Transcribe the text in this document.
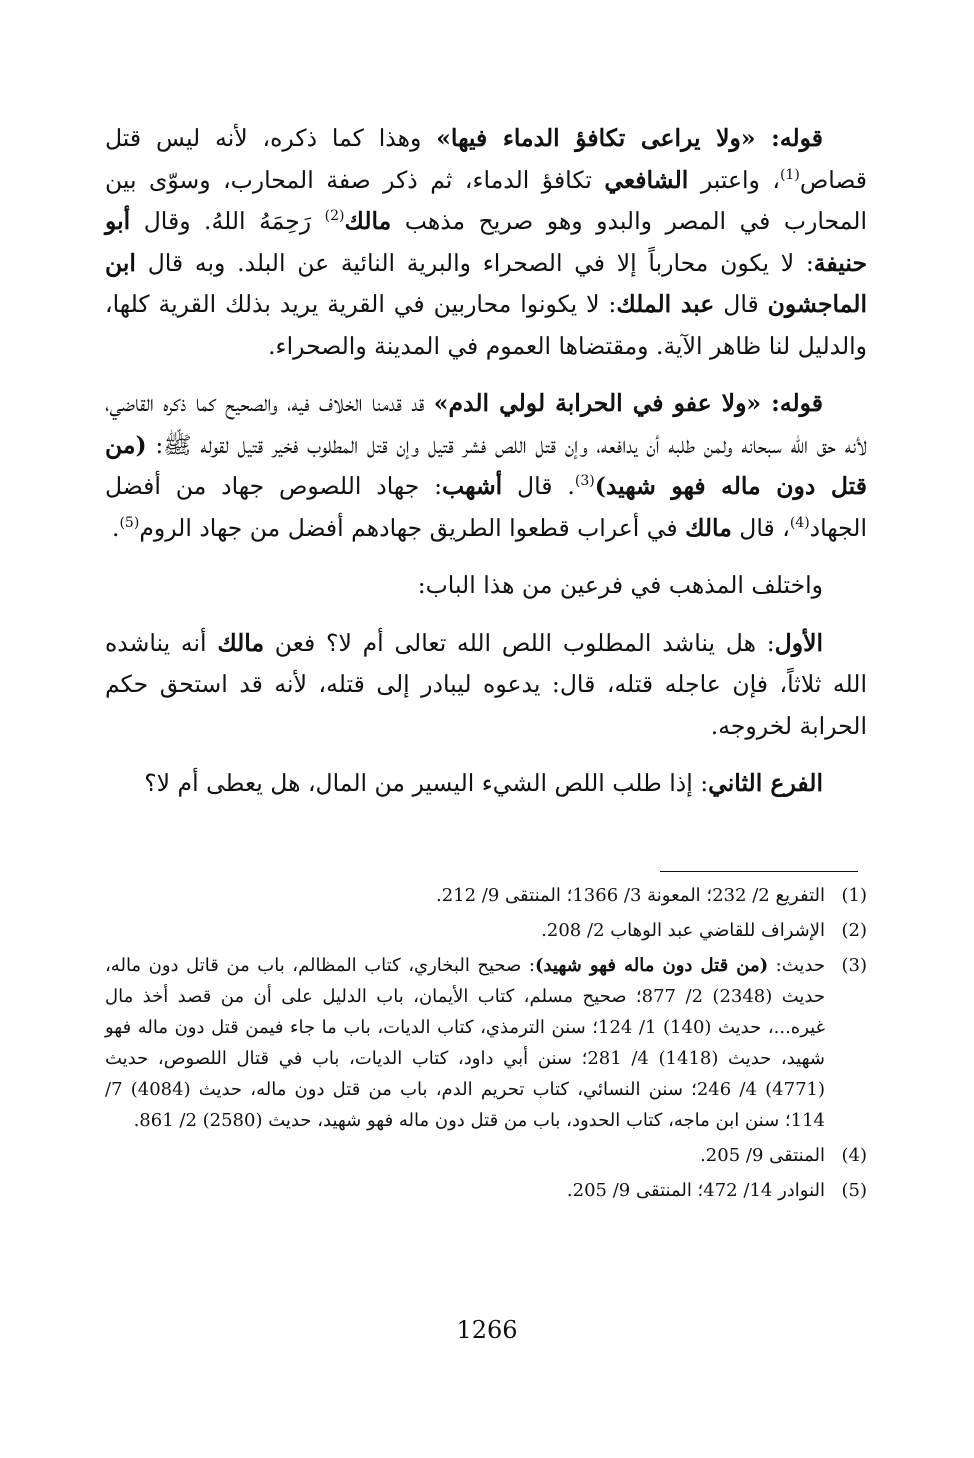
قوله: «ولا يراعى تكافؤ الدماء فيها» وهذا كما ذكره، لأنه ليس قتل قصاص$^{(1)}$، واعتبر الشافعي تكافؤ الدماء، ثم ذكر صفة المحارب، وسوّى بين المحارب في المصر والبدو وهو صريح مذهب مالك$^{(2)}$ رَحِمَهُ اللهُ. وقال أبو حنيفة: لا يكون محارباً إلا في الصحراء والبرية النائية عن البلد. وبه قال ابن الماجشون قال عبد الملك: لا يكونوا محاربين في القرية يريد بذلك القرية كلها، والدليل لنا ظاهر الآية. ومقتضاها العموم في المدينة والصحراء.

قوله: «ولا عفو في الحرابة لولي الدم» قد قدمنا الخلاف فيه، والصحيح كما ذكره القاضي، لأنه حق الله سبحانه ولمن طلبه أن يدافعه، وإن قتل اللص فشر قتيل وإن قتل المطلوب فخير قتيل لقوله ﷺ: (من قتل دون ماله فهو شهيد)$^{(3)}$. قال أشهب: جهاد اللصوص جهاد من أفضل الجهاد$^{(4)}$، قال مالك في أعراب قطعوا الطريق جهادهم أفضل من جهاد الروم$^{(5)}$.

واختلف المذهب في فرعين من هذا الباب:

الأول: هل يناشد المطلوب اللص الله تعالى أم لا؟ فعن مالك أنه يناشده الله ثلاثاً، فإن عاجله قتله، قال: يدعوه ليبادر إلى قتله، لأنه قد استحق حكم الحرابة لخروجه.

الفرع الثاني: إذا طلب اللص الشيء اليسير من المال، هل يعطى أم لا؟

(1)
التفريع 2/ 232؛ المعونة 3/ 1366؛ المنتقى 9/ 212.
(2)
الإشراف للقاضي عبد الوهاب 2/ 208.
(3)
حديث: (من قتل دون ماله فهو شهيد): صحيح البخاري، كتاب المظالم، باب من قاتل دون ماله، حديث (2348) 2/ 877؛ صحيح مسلم، كتاب الأيمان، باب الدليل على أن من قصد أخذ مال غيره...، حديث (140) 1/ 124؛ سنن الترمذي، كتاب الديات، باب ما جاء فيمن قتل دون ماله فهو شهيد، حديث (1418) 4/ 281؛ سنن أبي داود، كتاب الديات، باب في قتال اللصوص، حديث (4771) 4/ 246؛ سنن النسائي، كتاب تحريم الدم، باب من قتل دون ماله، حديث (4084) 7/ 114؛ سنن ابن ماجه، كتاب الحدود، باب من قتل دون ماله فهو شهيد، حديث (2580) 2/ 861.
(4)
المنتقى 9/ 205.
(5)
النوادر 14/ 472؛ المنتقى 9/ 205.
1266
